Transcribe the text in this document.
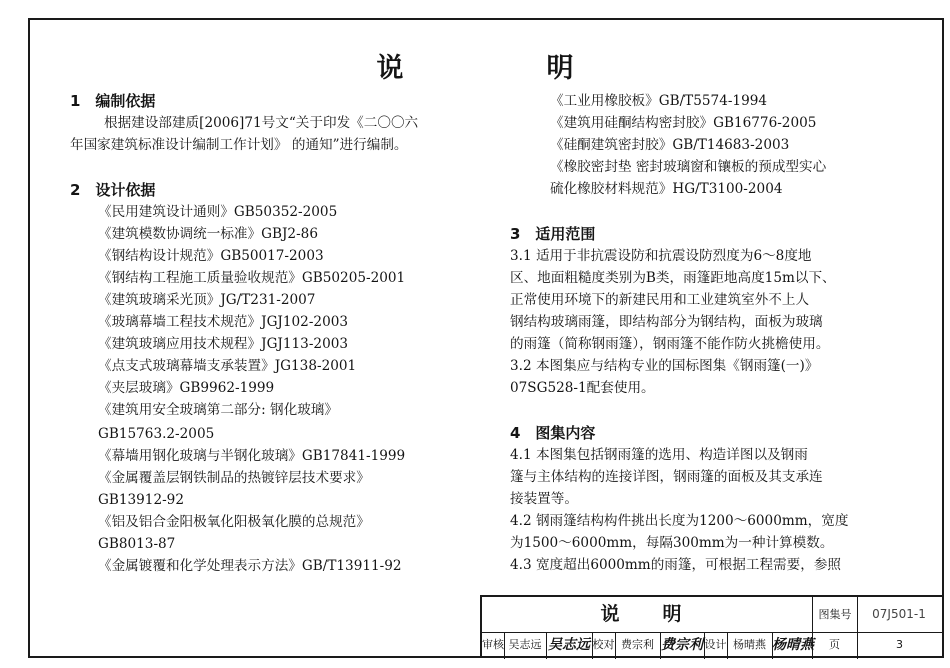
说　明
1　编制依据
根据建设部建质[2006]71号文“关于印发《二〇〇六
年国家建筑标准设计编制工作计划》 的通知”进行编制。
2　设计依据
《民用建筑设计通则》GB50352-2005
《建筑模数协调统一标准》GBJ2-86
《钢结构设计规范》GB50017-2003
《钢结构工程施工质量验收规范》GB50205-2001
《建筑玻璃采光顶》JG/T231-2007
《玻璃幕墙工程技术规范》JGJ102-2003
《建筑玻璃应用技术规程》JGJ113-2003
《点支式玻璃幕墙支承装置》JG138-2001
《夹层玻璃》GB9962-1999
《建筑用安全玻璃第二部分: 钢化玻璃》
GB15763.2-2005
《幕墙用钢化玻璃与半钢化玻璃》GB17841-1999
《金属覆盖层钢铁制品的热镀锌层技术要求》
GB13912-92
《铝及铝合金阳极氧化阳极氧化膜的总规范》
GB8013-87
《金属镀覆和化学处理表示方法》GB/T13911-92
《工业用橡胶板》GB/T5574-1994
《建筑用硅酮结构密封胶》GB16776-2005
《硅酮建筑密封胶》GB/T14683-2003
《橡胶密封垫 密封玻璃窗和镶板的预成型实心
硫化橡胶材料规范》HG/T3100-2004
3　适用范围
3.1 适用于非抗震设防和抗震设防烈度为6～8度地
区、地面粗糙度类别为B类，雨篷距地高度15m以下、
正常使用环境下的新建民用和工业建筑室外不上人
钢结构玻璃雨篷，即结构部分为钢结构，面板为玻璃
的雨篷（简称钢雨篷），钢雨篷不能作防火挑檐使用。
3.2 本图集应与结构专业的国标图集《钢雨篷(一)》
07SG528-1配套使用。
4　图集内容
4.1 本图集包括钢雨篷的选用、构造详图以及钢雨
篷与主体结构的连接详图，钢雨篷的面板及其支承连
接装置等。
4.2 钢雨篷结构构件挑出长度为1200～6000mm，宽度
为1500～6000mm，每隔300mm为一种计算模数。
4.3 宽度超出6000mm的雨篷，可根据工程需要，参照
说　明	图集号	07J501-1
审核 吴志远 吴志远 校对 费宗利 费宗利 设计 杨晴燕 杨晴燕	页	3
